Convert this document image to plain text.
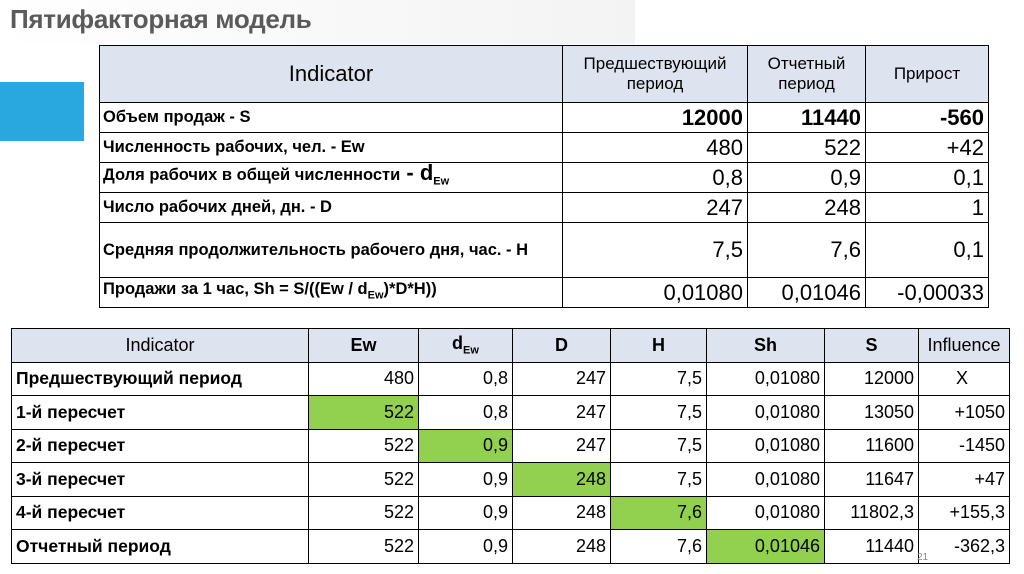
Пятифакторная модель
Indicator	Предшествующий период	Отчетный период	Прирост
Объем продаж - S	12000	11440	-560
Численность рабочих, чел. - Ew	480	522	+42
Доля рабочих в общей численности - $d_{Ew}$	0,8	0,9	0,1
Число рабочих дней, дн. - D	247	248	1
Средняя продолжительность рабочего дня, час. - H	7,5	7,6	0,1
Продажи за 1 час, $Sh = S/((Ew / d_{Ew})*D*H)$)	0,01080	0,01046	-0,00033
Indicator	Ew	$d_{Ew}$	D	H	Sh	S	Influence
Предшествующий период	480	0,8	247	7,5	0,01080	12000	X
1-й пересчет	522	0,8	247	7,5	0,01080	13050	+1050
2-й пересчет	522	0,9	247	7,5	0,01080	11600	-1450
3-й пересчет	522	0,9	248	7,5	0,01080	11647	+47
4-й пересчет	522	0,9	248	7,6	0,01080	11802,3	+155,3
Отчетный период	522	0,9	248	7,6	0,01046	11440	-362,3
21
